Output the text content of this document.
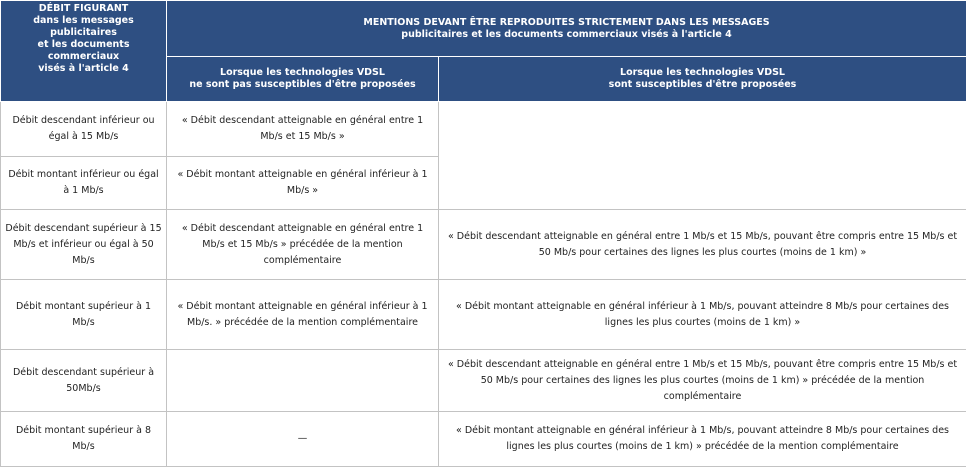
DÉBIT FIGURANT
dans les messages publicitaires
et les documents commerciaux
visés à l'article 4	MENTIONS DEVANT ÊTRE REPRODUITES STRICTEMENT DANS LES MESSAGES
publicitaires et les documents commerciaux visés à l'article 4	
	Lorsque les technologies VDSL
ne sont pas susceptibles d'être proposées	Lorsque les technologies VDSL
sont susceptibles d'être proposées
Débit descendant inférieur ou égal à 15 Mb/s	« Débit descendant atteignable en général entre 1 Mb/s et 15 Mb/s »	
Débit montant inférieur ou égal à 1 Mb/s	« Débit montant atteignable en général inférieur à 1 Mb/s »	
Débit descendant supérieur à 15 Mb/s et inférieur ou égal à 50 Mb/s	« Débit descendant atteignable en général entre 1 Mb/s et 15 Mb/s » précédée de la mention complémentaire	« Débit descendant atteignable en général entre 1 Mb/s et 15 Mb/s, pouvant être compris entre 15 Mb/s et 50 Mb/s pour certaines des lignes les plus courtes (moins de 1 km) »
Débit montant supérieur à 1 Mb/s	« Débit montant atteignable en général inférieur à 1 Mb/s. » précédée de la mention complémentaire	« Débit montant atteignable en général inférieur à 1 Mb/s, pouvant atteindre 8 Mb/s pour certaines des lignes les plus courtes (moins de 1 km) »
Débit descendant supérieur à 50Mb/s		« Débit descendant atteignable en général entre 1 Mb/s et 15 Mb/s, pouvant être compris entre 15 Mb/s et 50 Mb/s pour certaines des lignes les plus courtes (moins de 1 km) » précédée de la mention complémentaire
Débit montant supérieur à 8 Mb/s	—	« Débit montant atteignable en général inférieur à 1 Mb/s, pouvant atteindre 8 Mb/s pour certaines des lignes les plus courtes (moins de 1 km) » précédée de la mention complémentaire
